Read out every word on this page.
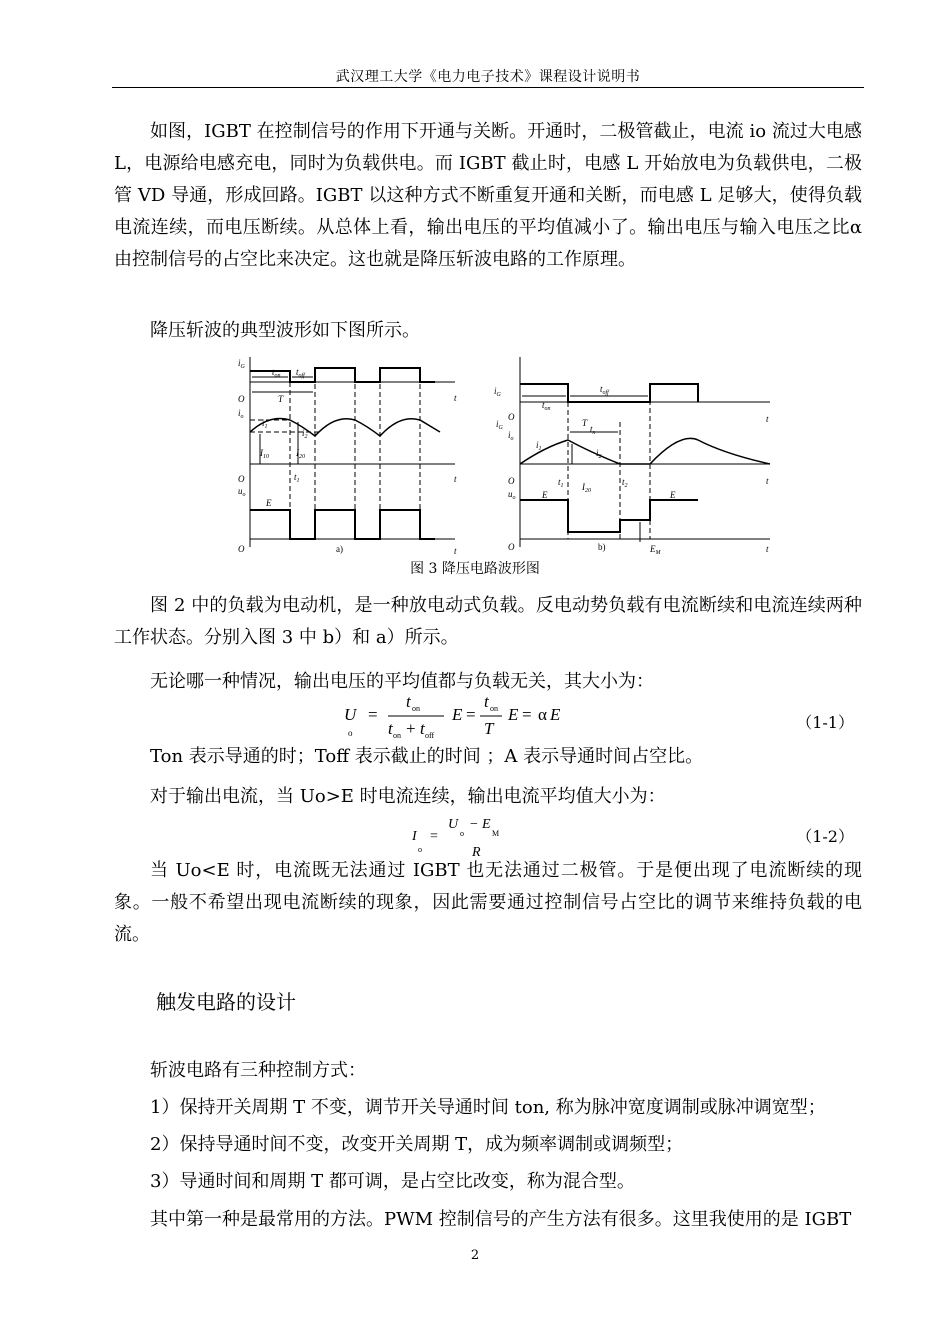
武汉理工大学《电力电子技术》课程设计说明书
如图，IGBT 在控制信号的作用下开通与关断。开通时，二极管截止，电流 io 流过大电感 L，电源给电感充电，同时为负载供电。而 IGBT 截止时，电感 L 开始放电为负载供电，二极管 VD 导通，形成回路。IGBT 以这种方式不断重复开通和关断，而电感 L 足够大，使得负载电流连续，而电压断续。从总体上看，输出电压的平均值减小了。输出电压与输入电压之比α 由控制信号的占空比来决定。这也就是降压斩波电路的工作原理。
降压斩波的典型波形如下图所示。
$i_G$	$t_{on}$ $t_{off}$
T
O	t
$i_o$
$i_1$
$i_2$
$I_{10}$	$I_{20}$
O	t
$t_1$
$u_o$
E
O	t
a)
$i_G$
$t_{on}$
$t_{off}$
O	t
$i_G$
$i_o$
T
$t_x$
$i_1$	$i_2$
O	t
$t_1$ $I_{20}$
$t_2$
$u_o$	E	E
O	t
b)	$E_M$
图 3 降压电路波形图
图 2 中的负载为电动机，是一种放电动式负载。反电动势负载有电流断续和电流连续两种工作状态。分别入图 3 中 b）和 a）所示。
无论哪一种情况，输出电压的平均值都与负载无关，其大小为：
U
o
=
t on
t on + t off
E =
t on
T
E = α E	（1-1）
Ton 表示导通的时；Toff 表示截止的时间 ；A 表示导通时间占空比。
对于输出电流，当 Uo>E 时电流连续，输出电流平均值大小为：
I
o
=
U
o
− E
M
R
（1-2）
当 Uo<E 时，电流既无法通过 IGBT 也无法通过二极管。于是便出现了电流断续的现象。一般不希望出现电流断续的现象，因此需要通过控制信号占空比的调节来维持负载的电流。
触发电路的设计
斩波电路有三种控制方式：
1）保持开关周期 T 不变，调节开关导通时间 ton, 称为脉冲宽度调制或脉冲调宽型；
2）保持导通时间不变，改变开关周期 T，成为频率调制或调频型；
3）导通时间和周期 T 都可调，是占空比改变，称为混合型。
其中第一种是最常用的方法。PWM 控制信号的产生方法有很多。这里我使用的是 IGBT
2
